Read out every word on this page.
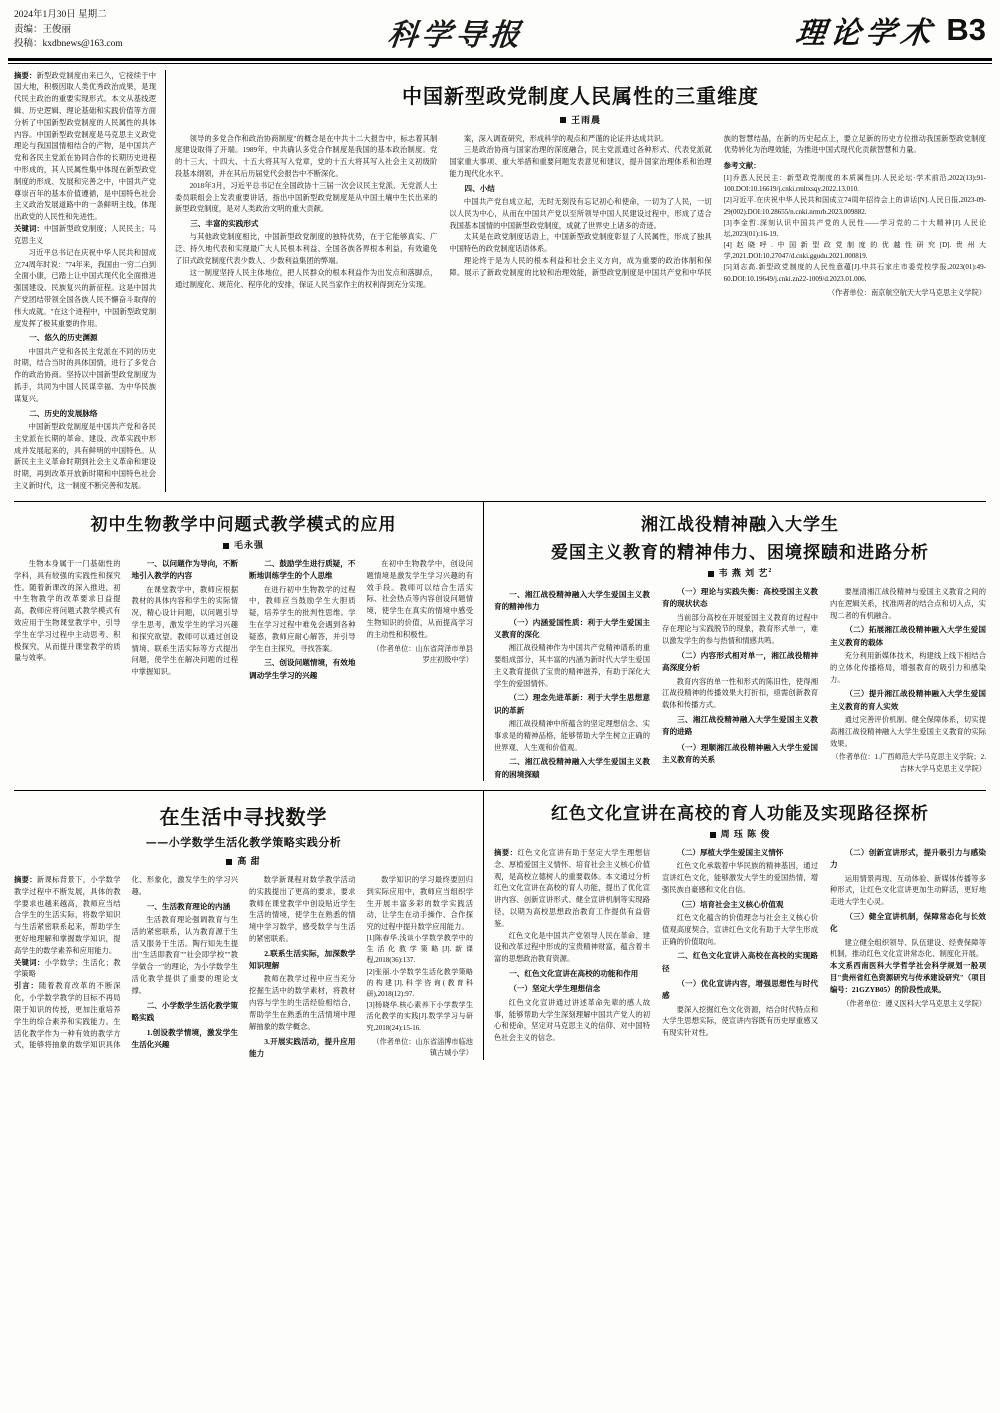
2024年1月30日 星期二
责编：王俊丽
投稿：kxdbnews@163.com	科学导报	理论学术 B3

摘要：新型政党制度由来已久，它接续于中国大地，积极因取人类优秀政治成果，是现代民主政治的重要实现形式。本文从基线逻辑、历史逻辑、理论基础和实践价值等方面分析了中国新型政党制度的人民属性的具体内容。中国新型政党制度是马克思主义政党理论与我国国情相结合的产物，是中国共产党和各民主党派在协同合作的长期历史进程中形成的，其人民属性集中体现在新型政党制度的形成、发展和完善之中，中国共产党尊崇百年的基本价值遵循，是中国特色社会主义政治发展道路中的一条鲜明主线，体现出政党的人民性和先进性。

关键词：中国新型政党制度；人民民主；马克思主义

习近平总书记在庆祝中华人民共和国成立74周年时说："74年来，我国由一穷二白到全面小康，已踏上让中国式现代化全面推进强国建设、民族复兴的新征程。这是中国共产党团结带领全国各族人民不懈奋斗取得的伟大成就。"在这个进程中，中国新型政党制度发挥了极其重要的作用。

一、悠久的历史渊源

中国共产党和各民主党派在不同的历史时期，结合当时的具体国情，进行了多党合作的政治协商。坚持以中国新型政党制度为抓手，共同为中国人民谋幸福、为中华民族谋复兴。

二、历史的发展脉络

中国新型政党制度是中国共产党和各民主党派在长期的革命、建设、改革实践中形成并发展起来的，具有鲜明的中国特色。从新民主主义革命时期到社会主义革命和建设时期，再到改革开放新时期和中国特色社会主义新时代，这一制度不断完善和发展。

中国新型政党制度人民属性的三重维度
王雨晨

领导的多党合作和政治协商制度"的概念是在中共十二大报告中，标志着其制度建设取得了开端。1989年，中共确认多党合作制度是我国的基本政治制度。党的十三大、十四大、十五大将其写入党章，党的十五大将其写入社会主义初级阶段基本纲领，并在其后历届党代会报告中不断深化。

2018年3月，习近平总书记在全国政协十三届一次会议民主党派、无党派人士委员联组会上发表重要讲话，指出中国新型政党制度是从中国土壤中生长出来的新型政党制度，是对人类政治文明的重大贡献。

三、丰富的实践形式

与其他政党制度相比，中国新型政党制度的独特优势，在于它能够真实、广泛、持久地代表和实现最广大人民根本利益、全国各族各界根本利益，有效避免了旧式政党制度代表少数人、少数利益集团的弊端。

这一制度坚持人民主体地位，把人民群众的根本利益作为出发点和落脚点，通过制度化、规范化、程序化的安排，保证人民当家作主的权利得到充分实现。

案，深入调查研究，形成科学的观点和严谨的论证并达成共识。

三是政治协商与国家治理的深度融合，民主党派通过各种形式、代表党派就国家重大事项、重大举措和重要问题发表意见和建议，提升国家治理体系和治理能力现代化水平。

四、小结

中国共产党自成立起，无时无刻没有忘记初心和使命，一切为了人民，一切以人民为中心，从而在中国共产党以至所领导中国人民建设过程中，形成了适合我国基本国情的中国新型政党制度，成就了世界史上诸多的奇迹。

太其是在政党制度话语上，中国新型政党制度彰显了人民属性，形成了独具中国特色的政党制度话语体系。

理论终于是为人民的根本利益和社会主义方向，成为重要的政治体制和保障。展示了新政党制度的比较和治理效能，新型政党制度是中国共产党和中华民族的智慧结晶，在新的历史起点上，要立足新的历史方位推动我国新型政党制度优势转化为治理效能，为推进中国式现代化贡献智慧和力量。

参考文献：
[1]乔恵人民民主：新型政党制度的本质属性[J].人民论坛·学术前沿,2022(13):91-100.DOI:10.16619/j.cnki.rmltxsqy.2022.13.010.
[2]习近平.在庆祝中华人民共和国成立74周年招待会上的讲话[N].人民日报,2023-09-29(002).DOI:10.28655/n.cnki.nrmrb.2023.009882.
[3]李金哲.深刻认识中国共产党的人民性——学习党的二十大精神[J].人民论坛,2023(01):16-19.
[4]赵晓呼.中国新型政党制度的优越性研究[D].贵州大学,2021.DOI:10.27047/d.cnki.ggudu.2021.000819.
[5]刘志高.新型政党制度的人民性意蕴[J].中共石家庄市委党校学报,2023(01):49-60.DOI:10.19649/j.cnki.zn22-1009/d.2023.01.006.
（作者单位：南京航空航天大学马克思主义学院）
初中生物教学中问题式教学模式的应用
毛永强

生物本身属于一门基础性的学科，具有较强的实践性和探究性。随着新课改的深入推进，初中生物教学的改革要求日益提高，教师应将问题式教学模式有效应用于生物课堂教学中，引导学生在学习过程中主动思考、积极探究，从而提升课堂教学的质量与效率。

一、以问题作为导向，不断地引入教学的内容

在课堂教学中，教师应根据教材的具体内容和学生的实际情况，精心设计问题，以问题引导学生思考，激发学生的学习兴趣和探究欲望。教师可以通过创设情境、联系生活实际等方式提出问题，使学生在解决问题的过程中掌握知识。

二、鼓励学生进行质疑，不断地训练学生的个人思维

在进行初中生物教学的过程中，教师应当鼓励学生大胆质疑，培养学生的批判性思维。学生在学习过程中难免会遇到各种疑惑，教师应耐心解答，并引导学生自主探究，寻找答案。

三、创设问题情境，有效地调动学生学习的兴趣

在初中生物教学中，创设问题情境是激发学生学习兴趣的有效手段。教师可以结合生活实际、社会热点等内容创设问题情境，使学生在真实的情境中感受生物知识的价值，从而提高学习的主动性和积极性。

（作者单位：山东省菏泽市单县罗庄初级中学）
湘江战役精神融入大学生
爱国主义教育的精神伟力、困境探赜和进路分析
韦 燕 刘 艺$^2$
一、湘江战役精神融入大学生爱国主义教育的精神伟力
（一）内涵爱国性质：利于大学生爱国主义教育的深化

湘江战役精神作为中国共产党精神谱系的重要组成部分，其丰富的内涵为新时代大学生爱国主义教育提供了宝贵的精神滋养，有助于深化大学生的爱国情怀。

（二）理念先进革新：利于大学生思想意识的革新

湘江战役精神中所蕴含的坚定理想信念、实事求是的精神品格，能够帮助大学生树立正确的世界观、人生观和价值观。

二、湘江战役精神融入大学生爱国主义教育的困境探赜
（一）理论与实践失衡：高校受国主义教育的现状状态

当前部分高校在开展爱国主义教育的过程中存在理论与实践脱节的现象，教育形式单一，难以激发学生的参与热情和情感共鸣。

（二）内容形式相对单一，湘江战役精神高深度分析

教育内容的单一性和形式的陈旧性，使得湘江战役精神的传播效果大打折扣，亟需创新教育载体和传播方式。

三、湘江战役精神融入大学生爱国主义教育的进路
（一）理顺湘江战役精神融入大学生爱国主义教育的关系

要厘清湘江战役精神与爱国主义教育之间的内在逻辑关系，找准两者的结合点和切入点，实现二者的有机融合。

（二）拓展湘江战役精神融入大学生爱国主义教育的载体

充分利用新媒体技术，构建线上线下相结合的立体化传播格局，增强教育的吸引力和感染力。

（三）提升湘江战役精神融入大学生爱国主义教育的育人实效

通过完善评价机制、健全保障体系，切实提高湘江战役精神融入大学生爱国主义教育的实际效果。

（作者单位：1.广西师范大学马克思主义学院；2.吉林大学马克思主义学院）
在生活中寻找数学
——小学数学生活化教学策略实践分析
高 甜

摘要：新课标背景下，小学数学教学过程中不断发展，具体的教学要求也越来越高，教师应当结合学生的生活实际，将数学知识与生活紧密联系起来，帮助学生更好地理解和掌握数学知识，提高学生的数学素养和应用能力。

关键词：小学数学；生活化；教学策略

引言：随着教育改革的不断深化，小学数学教学的目标不再局限于知识的传授，更加注重培养学生的综合素养和实践能力。生活化教学作为一种有效的教学方式，能够将抽象的数学知识具体化、形象化，激发学生的学习兴趣。

一、生活教育理论的内涵

生活教育理论强调教育与生活的紧密联系，认为教育源于生活又服务于生活。陶行知先生提出"生活即教育""社会即学校""教学做合一"的理论，为小学数学生活化教学提供了重要的理论支撑。

二、小学数学生活化教学策略实践
1.创设教学情境，激发学生生活化兴趣

数学新课程对数学教学活动的实践提出了更高的要求，要求教师在课堂教学中创设贴近学生生活的情境，使学生在熟悉的情境中学习数学，感受数学与生活的紧密联系。

2.联系生活实际，加深数学知识理解

教师在教学过程中应当充分挖掘生活中的数学素材，将教材内容与学生的生活经验相结合，帮助学生在熟悉的生活情境中理解抽象的数学概念。

3.开展实践活动，提升应用能力

数学知识的学习最终要回归到实际应用中，教师应当组织学生开展丰富多彩的数学实践活动，让学生在动手操作、合作探究的过程中提升数学应用能力。

[1]陈春华.浅谈小学数学教学中的生活化教学策略[J].新课程,2018(36):137.
[2]张丽.小学数学生活化教学策略的构建[J].科学咨询(教育科研),2018(12):97.
[3]杨晓华.核心素养下小学数学生活化教学的实践[J].数学学习与研究,2018(24):15-16.
（作者单位：山东省淄博市临池镇古城小学）
红色文化宣讲在高校的育人功能及实现路径探析
周 珏 陈 俊

摘要：红色文化宣讲有助于坚定大学生理想信念、厚植爱国主义情怀、培育社会主义核心价值观，是高校立德树人的重要载体。本文通过分析红色文化宣讲在高校的育人功能，提出了优化宣讲内容、创新宣讲形式、健全宣讲机制等实现路径，以期为高校思想政治教育工作提供有益借鉴。

红色文化是中国共产党领导人民在革命、建设和改革过程中形成的宝贵精神财富，蕴含着丰富的思想政治教育资源。

一、红色文化宣讲在高校的功能和作用
（一）坚定大学生理想信念

红色文化宣讲通过讲述革命先辈的感人故事，能够帮助大学生深刻理解中国共产党人的初心和使命，坚定对马克思主义的信仰、对中国特色社会主义的信念。

（二）厚植大学生爱国主义情怀

红色文化承载着中华民族的精神基因，通过宣讲红色文化，能够激发大学生的爱国热情，增强民族自豪感和文化自信。

（三）培育社会主义核心价值观

红色文化蕴含的价值理念与社会主义核心价值观高度契合，宣讲红色文化有助于大学生形成正确的价值取向。

二、红色文化宣讲入高校在高校的实现路径
（一）优化宣讲内容，增强思想性与时代感

要深入挖掘红色文化资源，结合时代特点和大学生思想实际，使宣讲内容既有历史厚重感又有现实针对性。

（二）创新宣讲形式，提升吸引力与感染力

运用情景再现、互动体验、新媒体传播等多种形式，让红色文化宣讲更加生动鲜活，更好地走进大学生心灵。

（三）健全宣讲机制，保障常态化与长效化

建立健全组织领导、队伍建设、经费保障等机制，推动红色文化宣讲常态化、制度化开展。

本文系西南医科大学哲学社会科学规划一般项目"贵州省红色资源研究与传承建设研究"（项目编号：21GZYB05）的阶段性成果。

（作者单位：遵义医科大学马克思主义学院）
